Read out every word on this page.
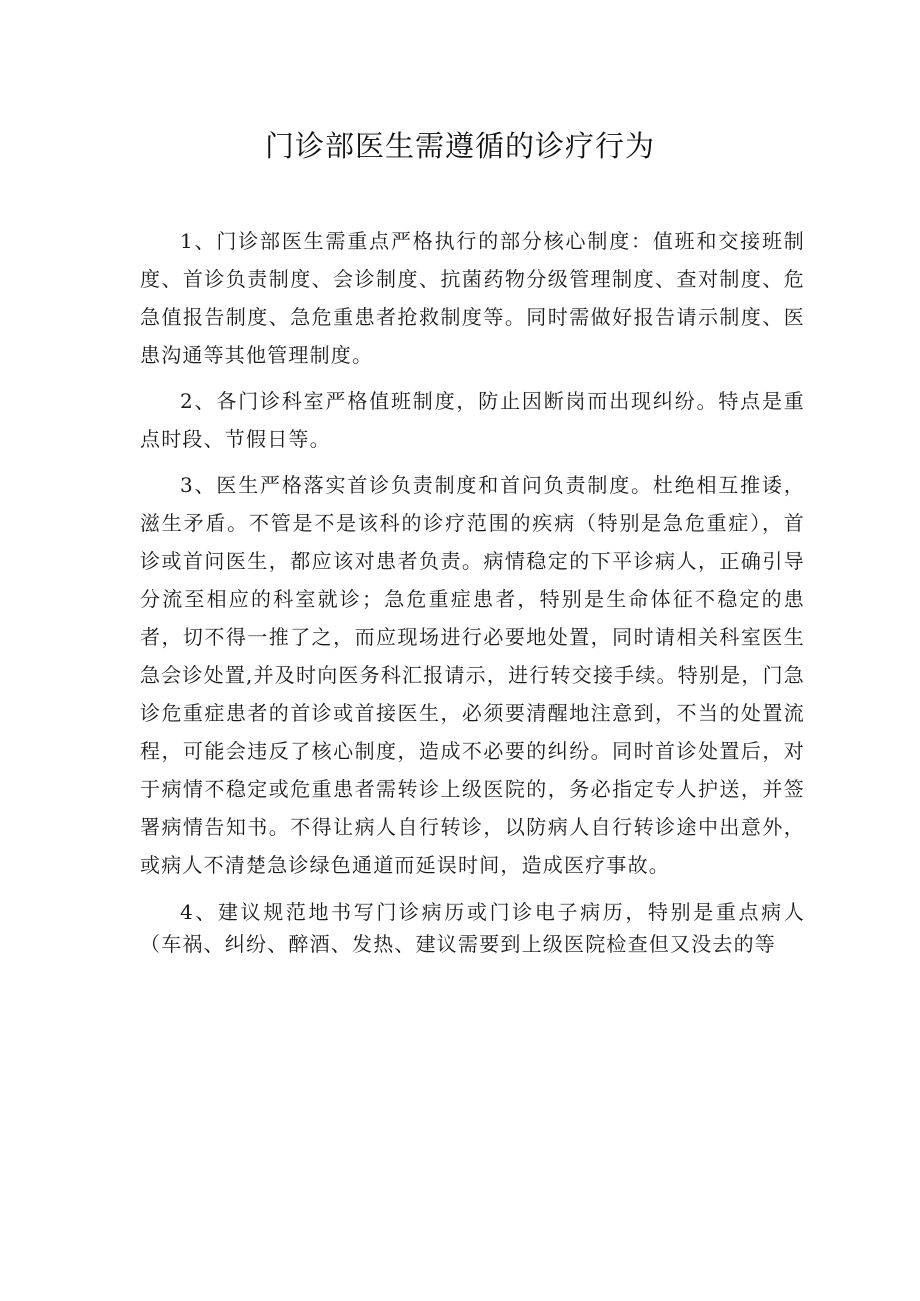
门诊部医生需遵循的诊疗行为

1、门诊部医生需重点严格执行的部分核心制度：值班和交接班制度、首诊负责制度、会诊制度、抗菌药物分级管理制度、查对制度、危急值报告制度、急危重患者抢救制度等。同时需做好报告请示制度、医患沟通等其他管理制度。

2、各门诊科室严格值班制度，防止因断岗而出现纠纷。特点是重点时段、节假日等。

3、医生严格落实首诊负责制度和首问负责制度。杜绝相互推诿，滋生矛盾。不管是不是该科的诊疗范围的疾病（特别是急危重症），首诊或首问医生，都应该对患者负责。病情稳定的下平诊病人，正确引导分流至相应的科室就诊；急危重症患者，特别是生命体征不稳定的患者，切不得一推了之，而应现场进行必要地处置，同时请相关科室医生急会诊处置,并及时向医务科汇报请示，进行转交接手续。特别是，门急诊危重症患者的首诊或首接医生，必须要清醒地注意到，不当的处置流程，可能会违反了核心制度，造成不必要的纠纷。同时首诊处置后，对于病情不稳定或危重患者需转诊上级医院的，务必指定专人护送，并签署病情告知书。不得让病人自行转诊，以防病人自行转诊途中出意外，或病人不清楚急诊绿色通道而延误时间，造成医疗事故。

4、建议规范地书写门诊病历或门诊电子病历，特别是重点病人（车祸、纠纷、醉酒、发热、建议需要到上级医院检查但又没去的等
